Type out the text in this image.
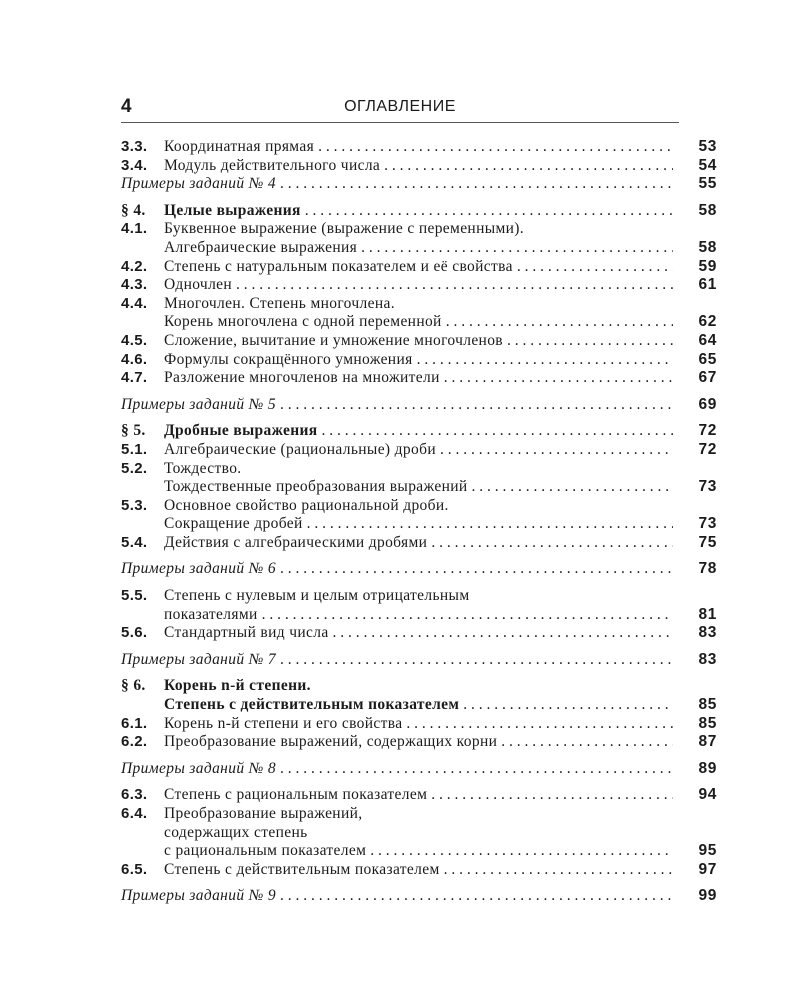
4	ОГЛАВЛЕНИЕ
3.3.	Координатная прямая . . .	53
3.4.	Модуль действительного числа . . .	54
Примеры заданий № 4 . . .	55
§ 4.	Целые выражения . . .	58
4.1.	Буквенное выражение (выражение с переменными).
Алгебраические выражения . . .	58
4.2.	Степень с натуральным показателем и её свойства . . .	59
4.3.	Одночлен . . .	61
4.4.	Многочлен. Степень многочлена.
Корень многочлена с одной переменной . . .	62
4.5.	Сложение, вычитание и умножение многочленов . . .	64
4.6.	Формулы сокращённого умножения . . .	65
4.7.	Разложение многочленов на множители . . .	67
Примеры заданий № 5 . . .	69
§ 5.	Дробные выражения . . .	72
5.1.	Алгебраические (рациональные) дроби . . .	72
5.2.	Тождество.
Тождественные преобразования выражений . . .	73
5.3.	Основное свойство рациональной дроби.
Сокращение дробей . . .	73
5.4.	Действия с алгебраическими дробями . . .	75
Примеры заданий № 6 . . .	78
5.5.	Степень с нулевым и целым отрицательным
показателями . . .	81
5.6.	Стандартный вид числа . . .	83
Примеры заданий № 7 . . .	83
§ 6.	Корень n-й степени.
Степень с действительным показателем . . .	85
6.1.	Корень n-й степени и его свойства . . .	85
6.2.	Преобразование выражений, содержащих корни . . .	87
Примеры заданий № 8 . . .	89
6.3.	Степень с рациональным показателем . . .	94
6.4.	Преобразование выражений,
содержащих степень
с рациональным показателем . . .	95
6.5.	Степень с действительным показателем . . .	97
Примеры заданий № 9 . . .	99
